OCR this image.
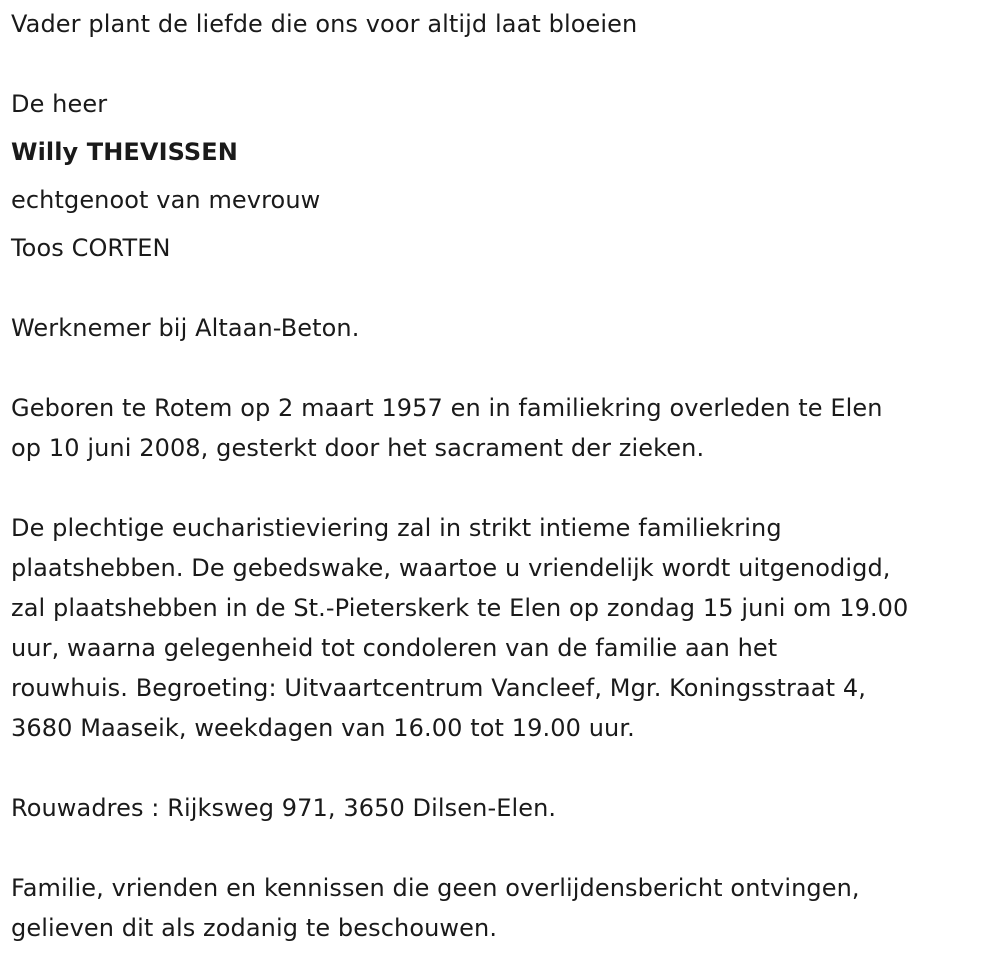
Vader plant de liefde die ons voor altijd laat bloeien

De heer

Willy THEVISSEN

echtgenoot van mevrouw

Toos CORTEN

Werknemer bij Altaan-Beton.

Geboren te Rotem op 2 maart 1957 en in familiekring overleden te Elen

op 10 juni 2008, gesterkt door het sacrament der zieken.

De plechtige eucharistieviering zal in strikt intieme familiekring

plaatshebben. De gebedswake, waartoe u vriendelijk wordt uitgenodigd,

zal plaatshebben in de St.-Pieterskerk te Elen op zondag 15 juni om 19.00

uur, waarna gelegenheid tot condoleren van de familie aan het

rouwhuis. Begroeting: Uitvaartcentrum Vancleef, Mgr. Koningsstraat 4,

3680 Maaseik, weekdagen van 16.00 tot 19.00 uur.

Rouwadres : Rijksweg 971, 3650 Dilsen-Elen.

Familie, vrienden en kennissen die geen overlijdensbericht ontvingen,

gelieven dit als zodanig te beschouwen.
